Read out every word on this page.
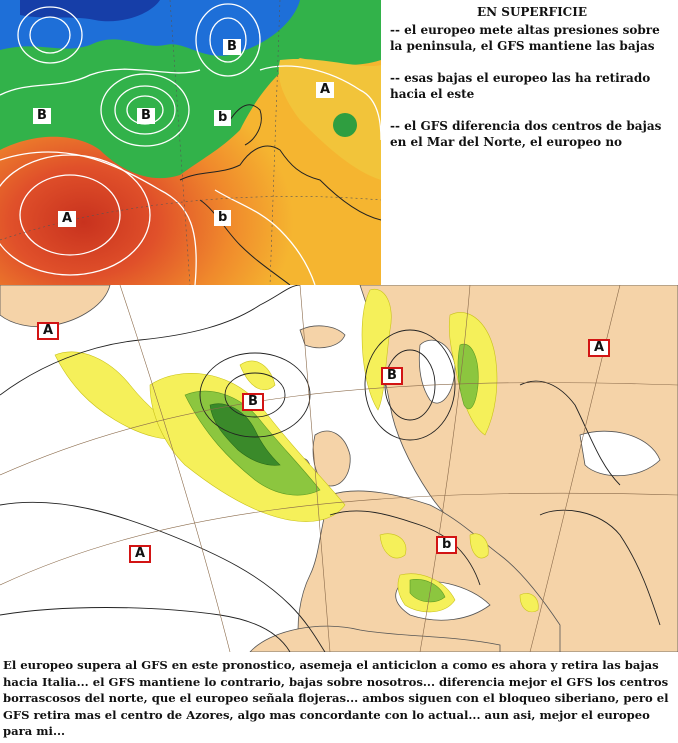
B
B
A
B	b
A	b
EN SUPERFICIE

-- el europeo mete altas presiones sobre la peninsula, el GFS mantiene las bajas

-- esas bajas el europeo las ha retirado hacia el este

-- el GFS diferencia dos centros de bajas en el Mar del Norte, el europeo no

A
B
B
A
A
b
El europeo supera al GFS en este pronostico, asemeja el anticiclon a como es ahora y retira las bajas hacia Italia... el GFS mantiene lo contrario, bajas sobre nosotros... diferencia mejor el GFS los centros borrascosos del norte, que el europeo señala flojeras... ambos siguen con el bloqueo siberiano, pero el GFS retira mas el centro de Azores, algo mas concordante con lo actual... aun asi, mejor el europeo para mi...
